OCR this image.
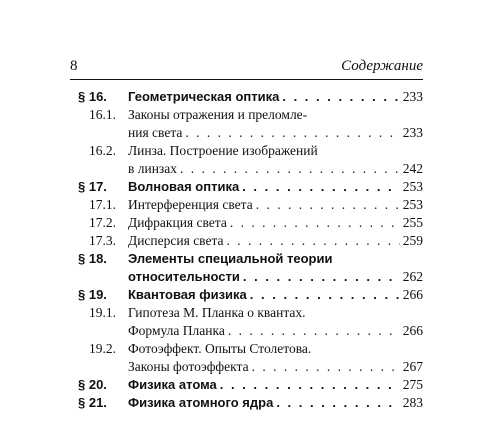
8	Содержание
§ 16.	Геометрическая оптика . . .	233
16.1. Законы отражения и преломле-
ния света . . .	233
16.2. Линза. Построение изображений
в линзах . . .	242
§ 17.	Волновая оптика . . .	253
17.1. Интерференция света . . .	253
17.2. Дифракция света . . .	255
17.3. Дисперсия света . . .	259
§ 18.	Элементы специальной теории
относительности . . .	262
§ 19.	Квантовая физика . . .	266
19.1. Гипотеза М. Планка о квантах.
Формула Планка . . .	266
19.2. Фотоэффект. Опыты Столетова.
Законы фотоэффекта . . .	267
§ 20.	Физика атома . . .	275
§ 21.	Физика атомного ядра . . .	283
